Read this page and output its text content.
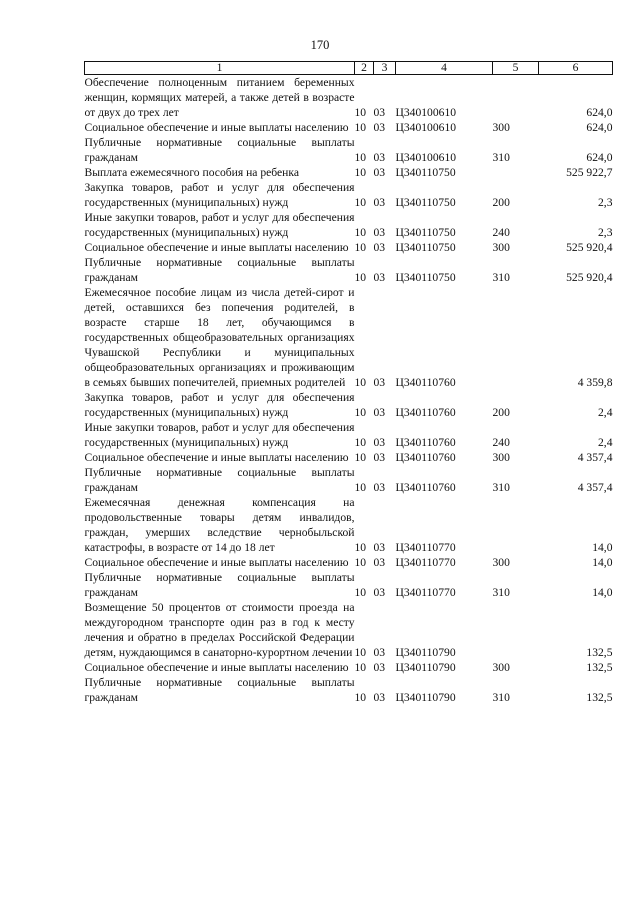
170
1	2	3	4	5	6
Обеспечение полноценным питанием беременных женщин, кормящих матерей, а также детей в возрасте от двух до трех лет	10	03	Ц340100610		624,0
Социальное обеспечение и иные выплаты населению	10	03	Ц340100610	300	624,0
Публичные нормативные социальные выплаты гражданам	10	03	Ц340100610	310	624,0
Выплата ежемесячного пособия на ребенка	10	03	Ц340110750		525 922,7
Закупка товаров, работ и услуг для обеспечения государственных (муниципальных) нужд	10	03	Ц340110750	200	2,3
Иные закупки товаров, работ и услуг для обеспечения государственных (муниципальных) нужд	10	03	Ц340110750	240	2,3
Социальное обеспечение и иные выплаты населению	10	03	Ц340110750	300	525 920,4
Публичные нормативные социальные выплаты гражданам	10	03	Ц340110750	310	525 920,4
Ежемесячное пособие лицам из числа детей-сирот и детей, оставшихся без попечения родителей, в возрасте старше 18 лет, обучающимся в государственных общеобразовательных организациях Чувашской Республики и муниципальных общеобразовательных организациях и проживающим в семьях бывших попечителей, приемных родителей	10	03	Ц340110760		4 359,8
Закупка товаров, работ и услуг для обеспечения государственных (муниципальных) нужд	10	03	Ц340110760	200	2,4
Иные закупки товаров, работ и услуг для обеспечения государственных (муниципальных) нужд	10	03	Ц340110760	240	2,4
Социальное обеспечение и иные выплаты населению	10	03	Ц340110760	300	4 357,4
Публичные нормативные социальные выплаты гражданам	10	03	Ц340110760	310	4 357,4
Ежемесячная денежная компенсация на продовольственные товары детям инвалидов, граждан, умерших вследствие чернобыльской катастрофы, в возрасте от 14 до 18 лет	10	03	Ц340110770		14,0
Социальное обеспечение и иные выплаты населению	10	03	Ц340110770	300	14,0
Публичные нормативные социальные выплаты гражданам	10	03	Ц340110770	310	14,0
Возмещение 50 процентов от стоимости проезда на междугородном транспорте один раз в год к месту лечения и обратно в пределах Российской Федерации детям, нуждающимся в санаторно-курортном лечении	10	03	Ц340110790		132,5
Социальное обеспечение и иные выплаты населению	10	03	Ц340110790	300	132,5
Публичные нормативные социальные выплаты гражданам	10	03	Ц340110790	310	132,5
